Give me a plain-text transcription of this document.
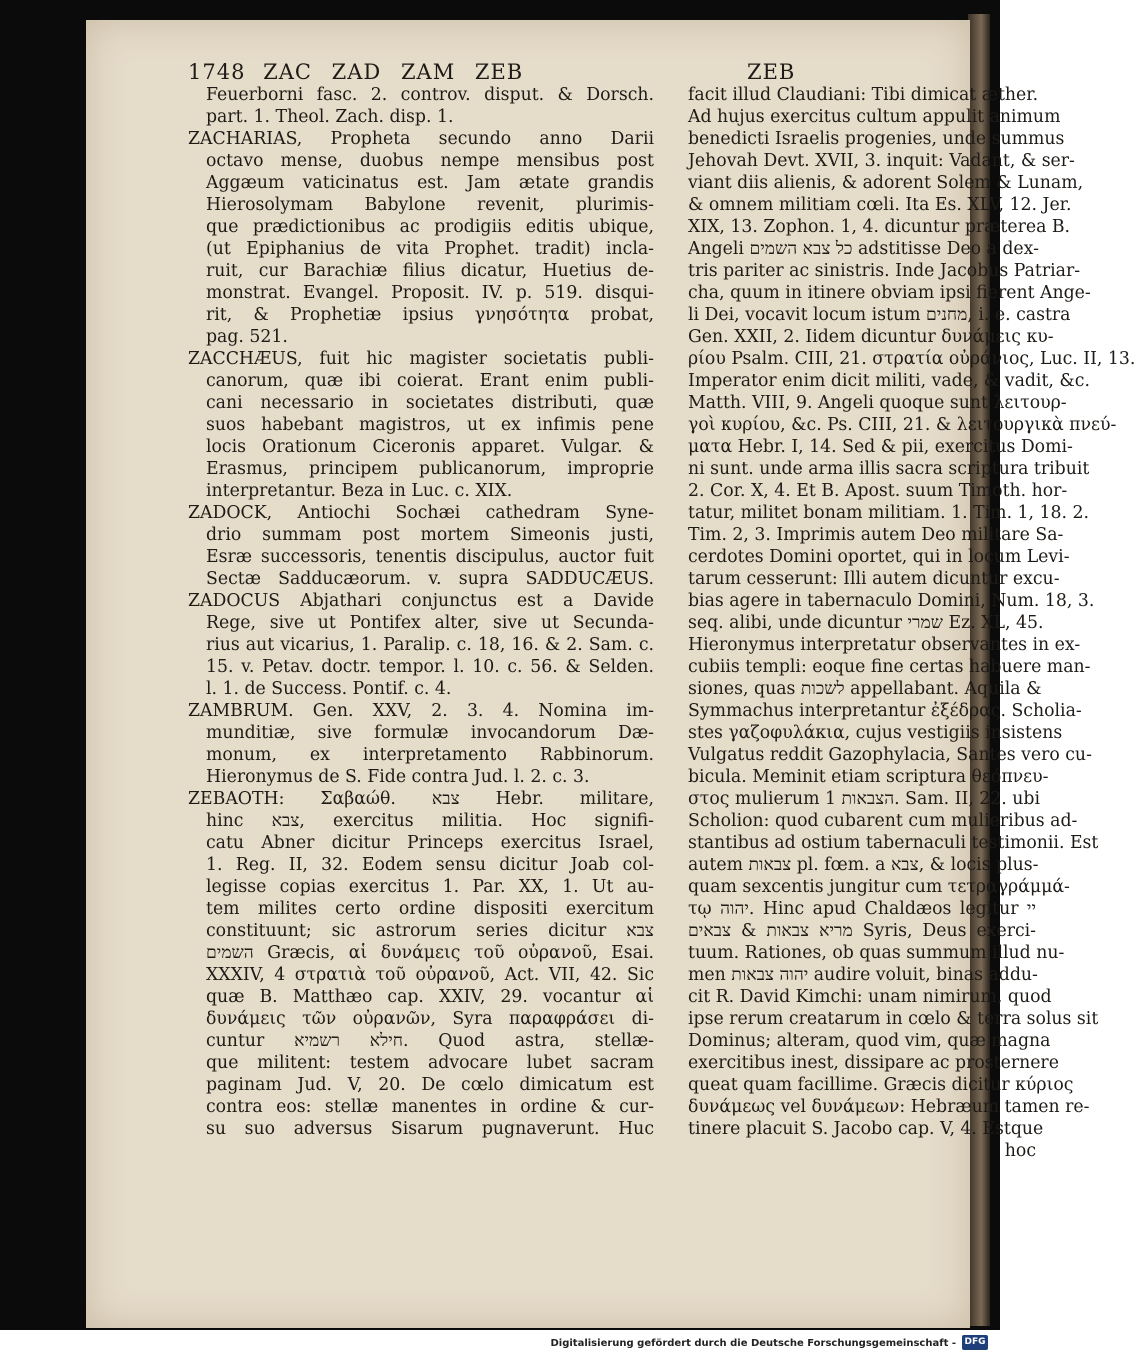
1748 ZAC ZAD ZAM ZEB	ZEB
Feuerborni fasc. 2. controv. disput. & Dorsch.
part. 1. Theol. Zach. disp. 1.
ZACHARIAS, Propheta secundo anno Darii
octavo mense, duobus nempe mensibus post
Aggæum vaticinatus est. Jam ætate grandis
Hierosolymam Babylone revenit, plurimis-
que prædictionibus ac prodigiis editis ubique,
(ut Epiphanius de vita Prophet. tradit) incla-
ruit, cur Barachiæ filius dicatur, Huetius de-
monstrat. Evangel. Proposit. IV. p. 519. disqui-
rit, & Prophetiæ ipsius γνησότητα probat,
pag. 521.
ZACCHÆUS, fuit hic magister societatis publi-
canorum, quæ ibi coierat. Erant enim publi-
cani necessario in societates distributi, quæ
suos habebant magistros, ut ex infimis pene
locis Orationum Ciceronis apparet. Vulgar. &
Erasmus, principem publicanorum, improprie
interpretantur. Beza in Luc. c. XIX.
ZADOCK, Antiochi Sochæi cathedram Syne-
drio summam post mortem Simeonis justi,
Esræ successoris, tenentis discipulus, auctor fuit
Sectæ Sadducæorum. v. supra SADDUCÆUS.
ZADOCUS Abjathari conjunctus est a Davide
Rege, sive ut Pontifex alter, sive ut Secunda-
rius aut vicarius, 1. Paralip. c. 18, 16. & 2. Sam. c.
15. v. Petav. doctr. tempor. l. 10. c. 56. & Selden.
l. 1. de Success. Pontif. c. 4.
ZAMBRUM. Gen. XXV, 2. 3. 4. Nomina im-
munditiæ, sive formulæ invocandorum Dæ-
monum, ex interpretamento Rabbinorum.
Hieronymus de S. Fide contra Jud. l. 2. c. 3.
ZEBAOTH: Σαβαώθ. צבא Hebr. militare,
hinc צבא, exercitus militia. Hoc signifi-
catu Abner dicitur Princeps exercitus Israel,
1. Reg. II, 32. Eodem sensu dicitur Joab col-
legisse copias exercitus 1. Par. XX, 1. Ut au-
tem milites certo ordine dispositi exercitum
constituunt; sic astrorum series dicitur צבא
השמים Græcis, αἱ δυνάμεις τοῦ οὐρανοῦ, Esai.
XXXIV, 4 στρατιὰ τοῦ οὐρανοῦ, Act. VII, 42. Sic
quæ B. Matthæo cap. XXIV, 29. vocantur αἱ
δυνάμεις τῶν οὐρανῶν, Syra παραφράσει di-
cuntur חילא רשמיא. Quod astra, stellæ-
que militent: testem advocare lubet sacram
paginam Jud. V, 20. De cœlo dimicatum est
contra eos: stellæ manentes in ordine & cur-
su suo adversus Sisarum pugnaverunt. Huc
facit illud Claudiani: Tibi dimicat æther.
Ad hujus exercitus cultum appulit animum
benedicti Israelis progenies, unde summus
Jehovah Devt. XVII, 3. inquit: Vadant, & ser-
viant diis alienis, & adorent Solem & Lunam,
& omnem militiam cœli. Ita Es. XLV, 12. Jer.
XIX, 13. Zophon. 1, 4. dicuntur præterea B.
Angeli כל צבא השמים adstitisse Deo a dex-
tris pariter ac sinistris. Inde Jacobus Patriar-
cha, quum in itinere obviam ipsi fierent Ange-
li Dei, vocavit locum istum מחנים, i. e. castra
Gen. XXII, 2. Iidem dicuntur δυνάμεις κυ-
ρίου Psalm. CIII, 21. στρατία οὐράνιος, Luc. II, 13.
Imperator enim dicit militi, vade, & vadit, &c.
Matth. VIII, 9. Angeli quoque sunt λειτουρ-
γοὶ κυρίου, &c. Ps. CIII, 21. & λειτουργικὰ πνεύ-
ματα Hebr. I, 14. Sed & pii, exercitus Domi-
ni sunt. unde arma illis sacra scriptura tribuit
2. Cor. X, 4. Et B. Apost. suum Timoth. hor-
tatur, militet bonam militiam. 1. Tim. 1, 18. 2.
Tim. 2, 3. Imprimis autem Deo militare Sa-
cerdotes Domini oportet, qui in locum Levi-
tarum cesserunt: Illi autem dicuntur excu-
bias agere in tabernaculo Domini, Num. 18, 3.
seq. alibi, unde dicuntur שמרי Ez. XL, 45.
Hieronymus interpretatur observantes in ex-
cubiis templi: eoque fine certas habuere man-
siones, quas לשכות appellabant. Aquila &
Symmachus interpretantur ἐξέδρας. Scholia-
stes γαζοφυλάκια, cujus vestigiis insistens
Vulgatus reddit Gazophylacia, Santes vero cu-
bicula. Meminit etiam scriptura θεόπνευ-
στος mulierum הצבאות 1. Sam. II, 22. ubi
Scholion: quod cubarent cum mulieribus ad-
stantibus ad ostium tabernaculi testimonii. Est
autem צבאות pl. fœm. a צבא, & locis plus-
quam sexcentis jungitur cum τετραγράμμά-
τῳ יהוה. Hinc apud Chaldæos legitur יי
מריא צבאות & צבאים Syris, Deus exerci-
tuum. Rationes, ob quas summum illud nu-
men יהוה צבאות audire voluit, binas addu-
cit R. David Kimchi: unam nimirum, quod
ipse rerum creatarum in cœlo & terra solus sit
Dominus; alteram, quod vim, quæ magna
exercitibus inest, dissipare ac prosternere
queat quam facillime. Græcis dicitur κύριος
δυνάμεως vel δυνάμεων: Hebræum tamen re-
tinere placuit S. Jacobo cap. V, 4. Estque
hoc
Digitalisierung gefördert durch die Deutsche Forschungsgemeinschaft - DFG
